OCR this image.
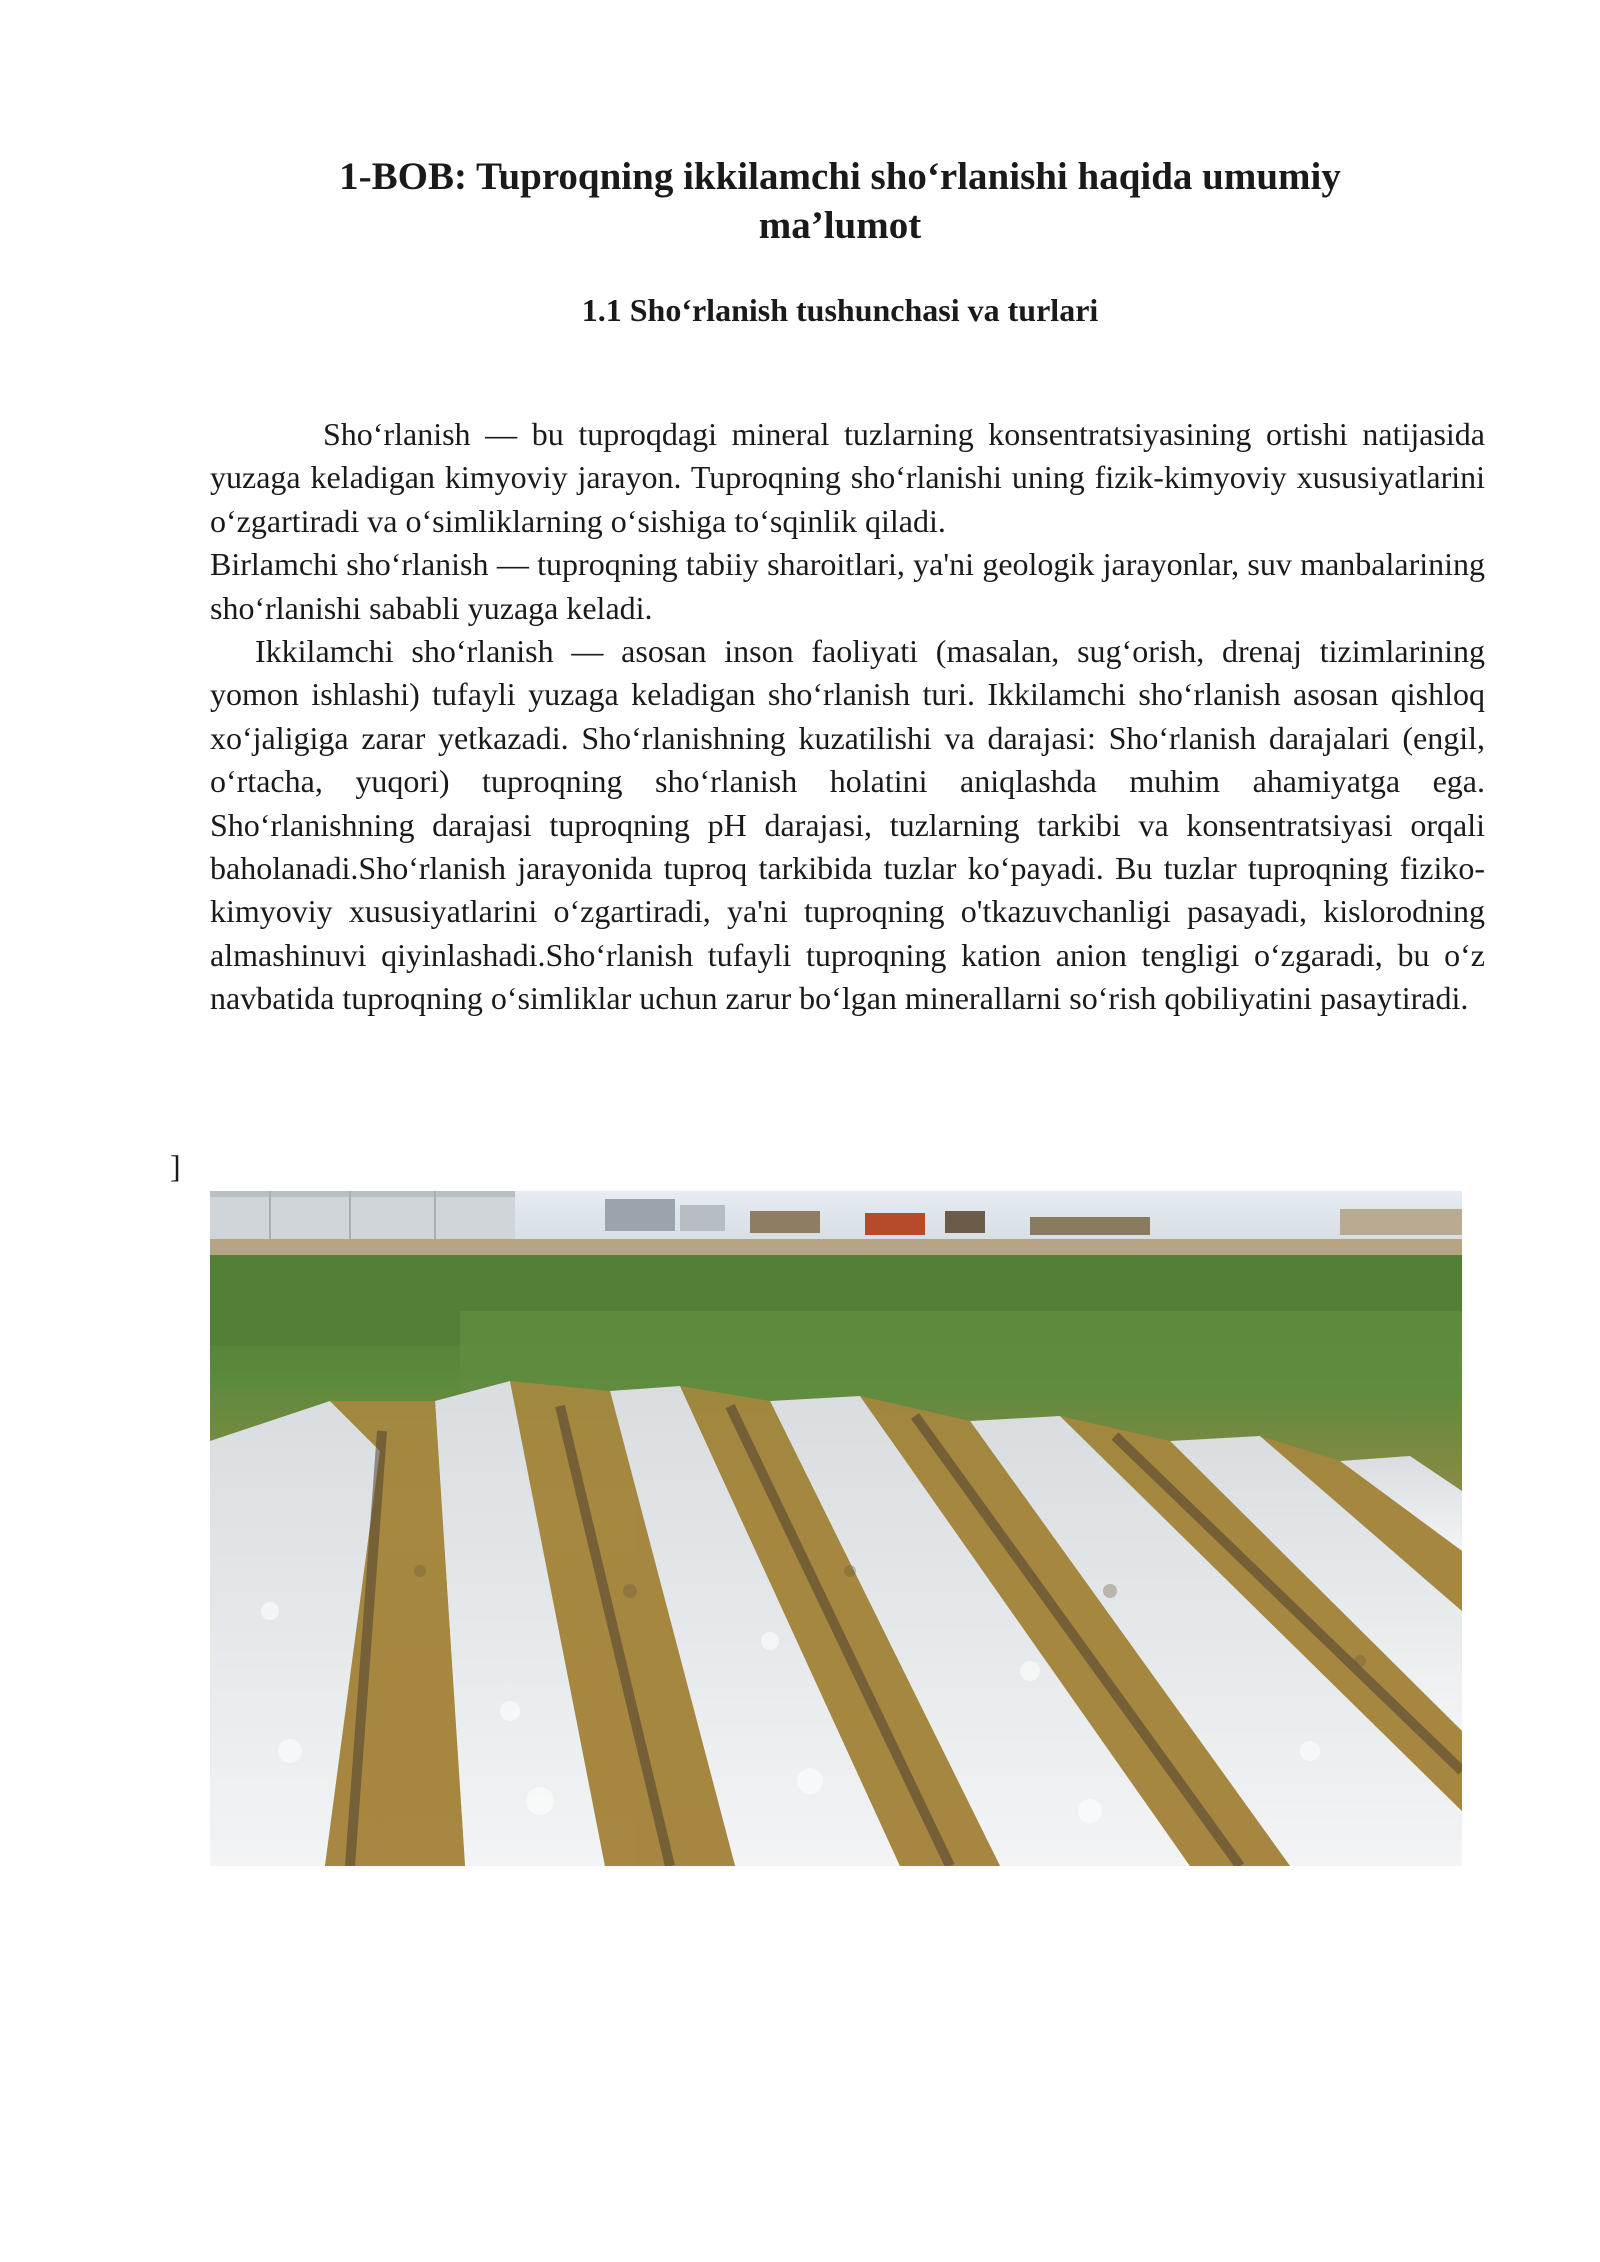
1-BOB: Tuproqning ikkilamchi sho‘rlanishi haqida umumiy
ma’lumot
1.1 Sho‘rlanish tushunchasi va turlari

Sho‘rlanish — bu tuproqdagi mineral tuzlarning konsentratsiyasining ortishi natijasida yuzaga keladigan kimyoviy jarayon. Tuproqning sho‘rlanishi uning fizik-kimyoviy xususiyatlarini o‘zgartiradi va o‘simliklarning o‘sishiga to‘sqinlik qiladi.

Birlamchi sho‘rlanish — tuproqning tabiiy sharoitlari, ya'ni geologik jarayonlar, suv manbalarining sho‘rlanishi sababli yuzaga keladi.

Ikkilamchi sho‘rlanish — asosan inson faoliyati (masalan, sug‘orish, drenaj tizimlarining yomon ishlashi) tufayli yuzaga keladigan sho‘rlanish turi. Ikkilamchi sho‘rlanish asosan qishloq xo‘jaligiga zarar yetkazadi. Sho‘rlanishning kuzatilishi va darajasi: Sho‘rlanish darajalari (engil, o‘rtacha, yuqori) tuproqning sho‘rlanish holatini aniqlashda muhim ahamiyatga ega. Sho‘rlanishning darajasi tuproqning pH darajasi, tuzlarning tarkibi va konsentratsiyasi orqali baholanadi.Sho‘rlanish jarayonida tuproq tarkibida tuzlar ko‘payadi. Bu tuzlar tuproqning fiziko-kimyoviy xususiyatlarini o‘zgartiradi, ya'ni tuproqning o'tkazuvchanligi pasayadi, kislorodning almashinuvi qiyinlashadi.Sho‘rlanish tufayli tuproqning kation anion tengligi o‘zgaradi, bu o‘z navbatida tuproqning o‘simliklar uchun zarur bo‘lgan minerallarni so‘rish qobiliyatini pasaytiradi.

]
